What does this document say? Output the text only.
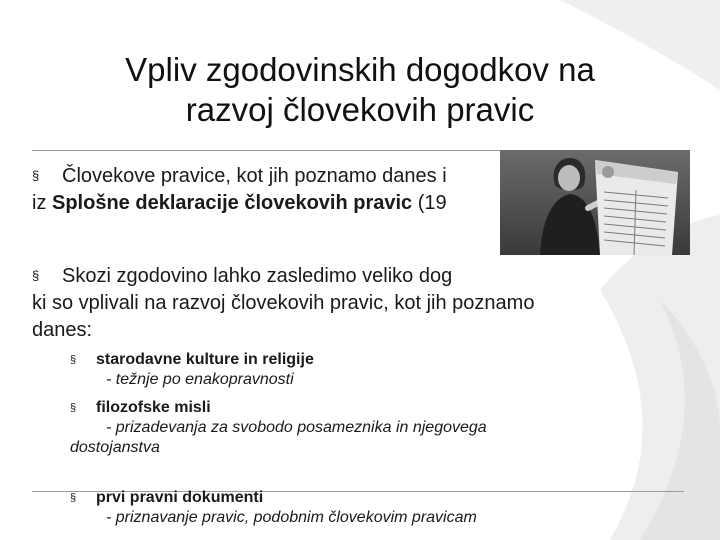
Vpliv zgodovinskih dogodkov na
razvoj človekovih pravic
§ Človekove pravice, kot jih poznamo danes i
iz Splošne deklaracije človekovih pravic (19
§ Skozi zgodovino lahko zasledimo veliko dog
ki so vplivali na razvoj človekovih pravic, kot jih poznamo
danes:
§ starodavne kulture in religije
- težnje po enakopravnosti
§ filozofske misli
- prizadevanja za svobodo posameznika in njegovega
dostojanstva
§ prvi pravni dokumenti
- priznavanje pravic, podobnim človekovim pravicam
